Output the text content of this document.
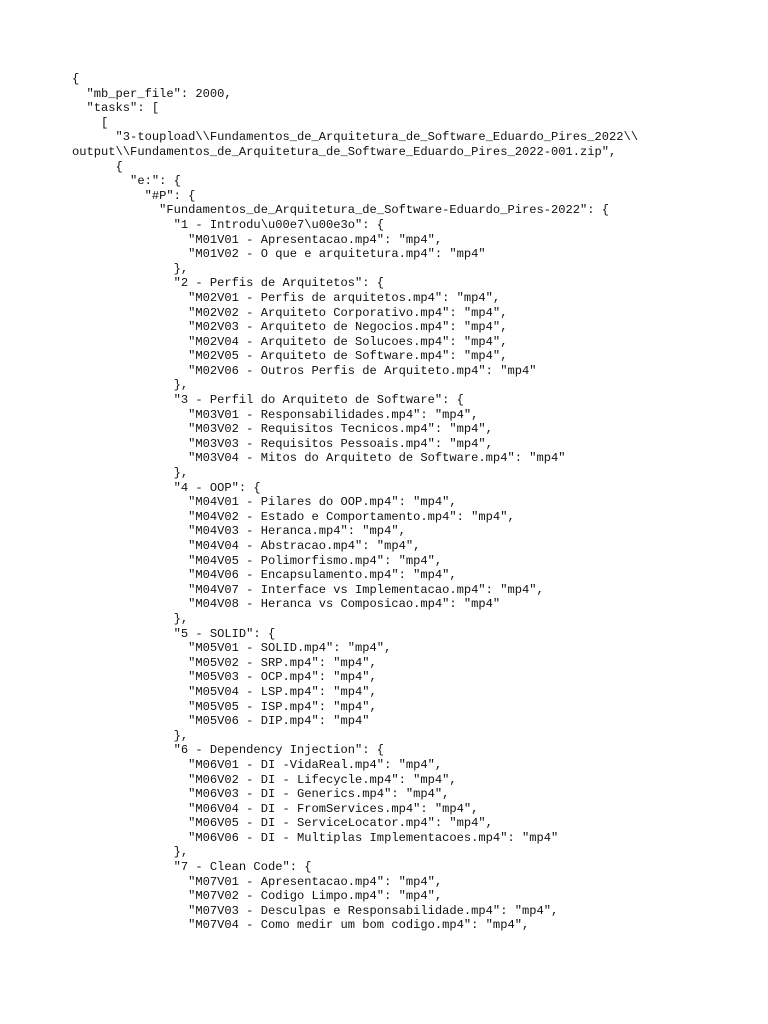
{
"mb_per_file": 2000,
"tasks": [
[
"3-toupload\\Fundamentos_de_Arquitetura_de_Software_Eduardo_Pires_2022\\
output\\Fundamentos_de_Arquitetura_de_Software_Eduardo_Pires_2022-001.zip",
{
"e:": {
"#P": {
"Fundamentos_de_Arquitetura_de_Software-Eduardo_Pires-2022": {
"1 - Introdu\u00e7\u00e3o": {
"M01V01 - Apresentacao.mp4": "mp4",
"M01V02 - O que e arquitetura.mp4": "mp4"
},
"2 - Perfis de Arquitetos": {
"M02V01 - Perfis de arquitetos.mp4": "mp4",
"M02V02 - Arquiteto Corporativo.mp4": "mp4",
"M02V03 - Arquiteto de Negocios.mp4": "mp4",
"M02V04 - Arquiteto de Solucoes.mp4": "mp4",
"M02V05 - Arquiteto de Software.mp4": "mp4",
"M02V06 - Outros Perfis de Arquiteto.mp4": "mp4"
},
"3 - Perfil do Arquiteto de Software": {
"M03V01 - Responsabilidades.mp4": "mp4",
"M03V02 - Requisitos Tecnicos.mp4": "mp4",
"M03V03 - Requisitos Pessoais.mp4": "mp4",
"M03V04 - Mitos do Arquiteto de Software.mp4": "mp4"
},
"4 - OOP": {
"M04V01 - Pilares do OOP.mp4": "mp4",
"M04V02 - Estado e Comportamento.mp4": "mp4",
"M04V03 - Heranca.mp4": "mp4",
"M04V04 - Abstracao.mp4": "mp4",
"M04V05 - Polimorfismo.mp4": "mp4",
"M04V06 - Encapsulamento.mp4": "mp4",
"M04V07 - Interface vs Implementacao.mp4": "mp4",
"M04V08 - Heranca vs Composicao.mp4": "mp4"
},
"5 - SOLID": {
"M05V01 - SOLID.mp4": "mp4",
"M05V02 - SRP.mp4": "mp4",
"M05V03 - OCP.mp4": "mp4",
"M05V04 - LSP.mp4": "mp4",
"M05V05 - ISP.mp4": "mp4",
"M05V06 - DIP.mp4": "mp4"
},
"6 - Dependency Injection": {
"M06V01 - DI -VidaReal.mp4": "mp4",
"M06V02 - DI - Lifecycle.mp4": "mp4",
"M06V03 - DI - Generics.mp4": "mp4",
"M06V04 - DI - FromServices.mp4": "mp4",
"M06V05 - DI - ServiceLocator.mp4": "mp4",
"M06V06 - DI - Multiplas Implementacoes.mp4": "mp4"
},
"7 - Clean Code": {
"M07V01 - Apresentacao.mp4": "mp4",
"M07V02 - Codigo Limpo.mp4": "mp4",
"M07V03 - Desculpas e Responsabilidade.mp4": "mp4",
"M07V04 - Como medir um bom codigo.mp4": "mp4",
